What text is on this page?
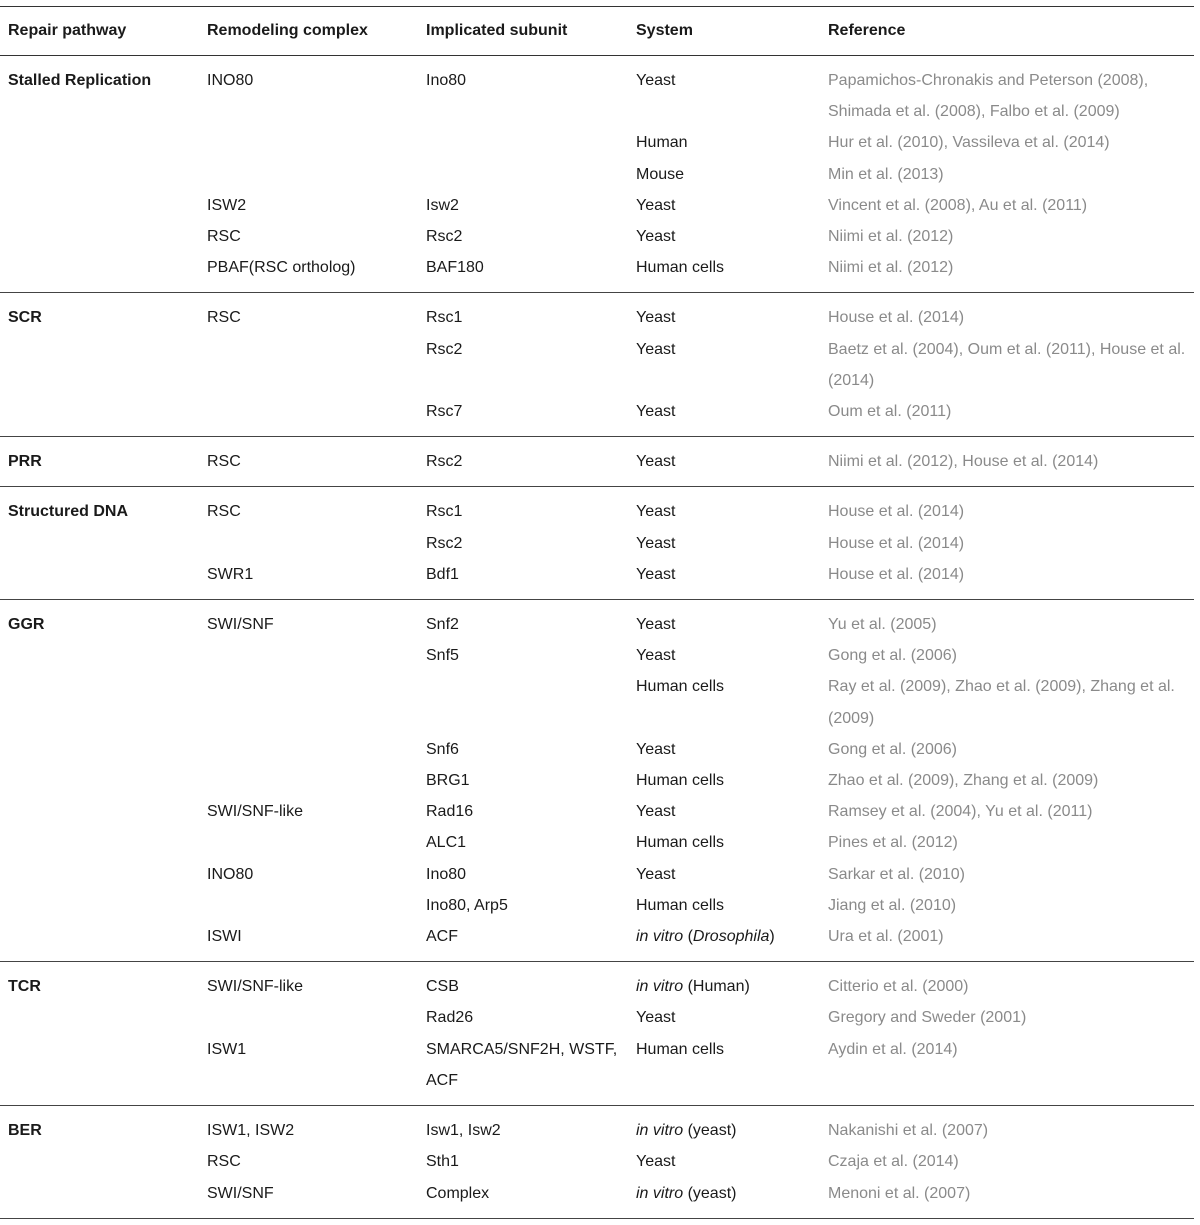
Repair pathway	Remodeling complex	Implicated subunit	System	Reference
Stalled Replication	INO80	Ino80	Yeast	Papamichos-Chronakis and Peterson (2008), Shimada et al. (2008), Falbo et al. (2009)
			Human	Hur et al. (2010), Vassileva et al. (2014)
			Mouse	Min et al. (2013)
	ISW2	Isw2	Yeast	Vincent et al. (2008), Au et al. (2011)
	RSC	Rsc2	Yeast	Niimi et al. (2012)
	PBAF(RSC ortholog)	BAF180	Human cells	Niimi et al. (2012)
SCR	RSC	Rsc1	Yeast	House et al. (2014)
		Rsc2	Yeast	Baetz et al. (2004), Oum et al. (2011), House et al. (2014)
		Rsc7	Yeast	Oum et al. (2011)
PRR	RSC	Rsc2	Yeast	Niimi et al. (2012), House et al. (2014)
Structured DNA	RSC	Rsc1	Yeast	House et al. (2014)
		Rsc2	Yeast	House et al. (2014)
	SWR1	Bdf1	Yeast	House et al. (2014)
GGR	SWI/SNF	Snf2	Yeast	Yu et al. (2005)
		Snf5	Yeast	Gong et al. (2006)
			Human cells	Ray et al. (2009), Zhao et al. (2009), Zhang et al. (2009)
		Snf6	Yeast	Gong et al. (2006)
		BRG1	Human cells	Zhao et al. (2009), Zhang et al. (2009)
	SWI/SNF-like	Rad16	Yeast	Ramsey et al. (2004), Yu et al. (2011)
		ALC1	Human cells	Pines et al. (2012)
	INO80	Ino80	Yeast	Sarkar et al. (2010)
		Ino80, Arp5	Human cells	Jiang et al. (2010)
	ISWI	ACF	in vitro (Drosophila)	Ura et al. (2001)
TCR	SWI/SNF-like	CSB	in vitro (Human)	Citterio et al. (2000)
		Rad26	Yeast	Gregory and Sweder (2001)
	ISW1	SMARCA5/SNF2H, WSTF, ACF	Human cells	Aydin et al. (2014)
BER	ISW1, ISW2	Isw1, Isw2	in vitro (yeast)	Nakanishi et al. (2007)
	RSC	Sth1	Yeast	Czaja et al. (2014)
	SWI/SNF	Complex	in vitro (yeast)	Menoni et al. (2007)
